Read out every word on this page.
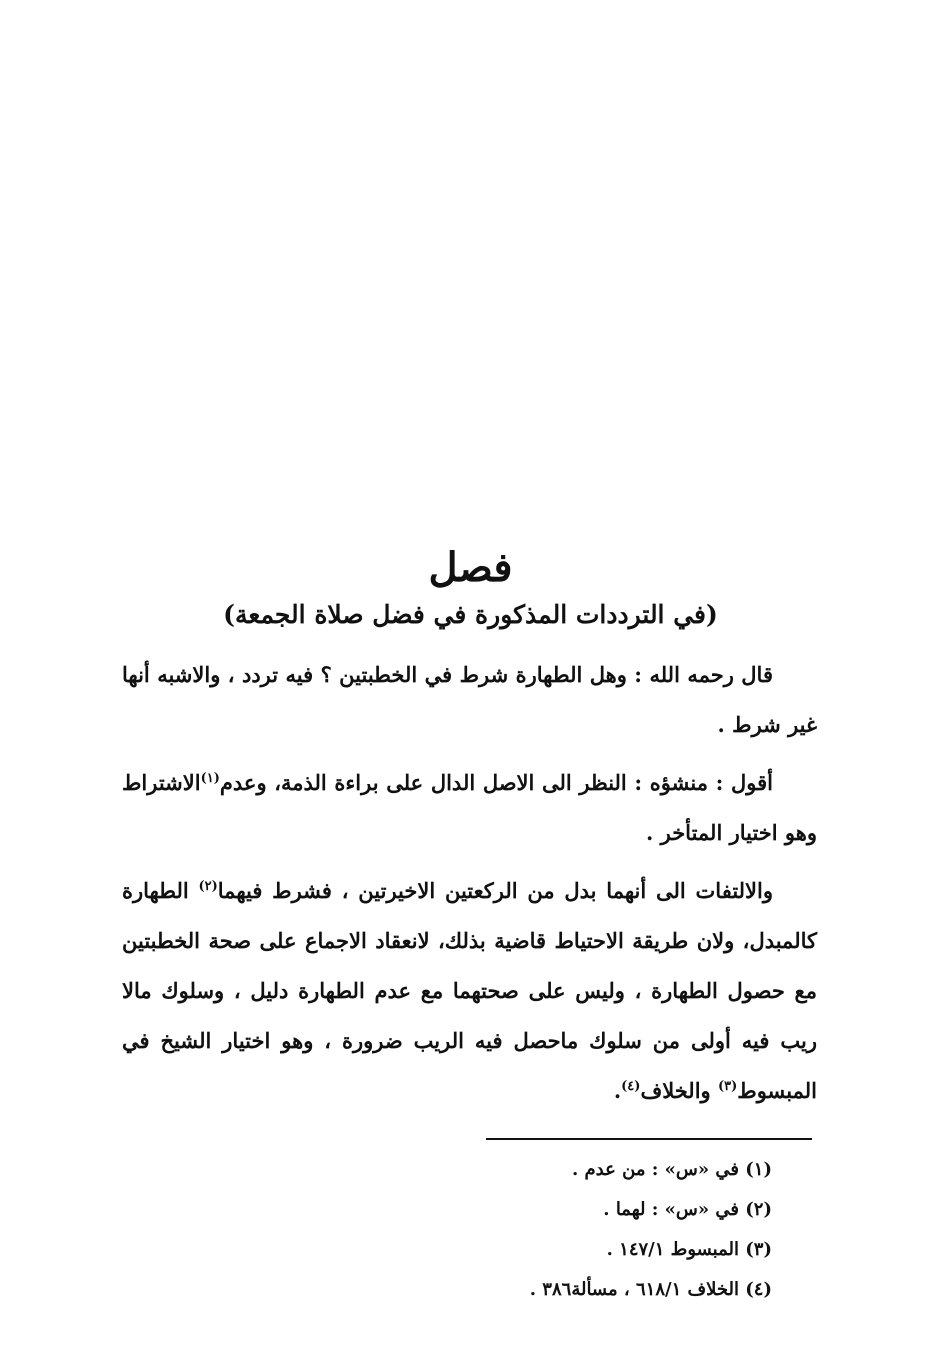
فصل
(في الترددات المذكورة في فضل صلاة الجمعة)

قال رحمه الله : وهل الطهارة شرط في الخطبتين ؟ فيه تردد ، والاشبه أنها غير شرط .

أقول : منشؤه : النظر الى الاصل الدال على براءة الذمة، وعدم$^{(١)}$الاشتراط وهو اختيار المتأخر .

والالتفات الى أنهما بدل من الركعتين الاخيرتين ، فشرط فيهما$^{(٢)}$ الطهارة كالمبدل، ولان طريقة الاحتياط قاضية بذلك، لانعقاد الاجماع على صحة الخطبتين مع حصول الطهارة ، وليس على صحتهما مع عدم الطهارة دليل ، وسلوك مالا ريب فيه أولى من سلوك ماحصل فيه الريب ضرورة ، وهو اختيار الشيخ في المبسوط$^{(٣)}$ والخلاف$^{(٤)}$.

(١) في «س» : من عدم .
(٢) في «س» : لهما .
(٣) المبسوط ١٤٧/١ .
(٤) الخلاف ٦١٨/١ ، مسألة٣٨٦ .
